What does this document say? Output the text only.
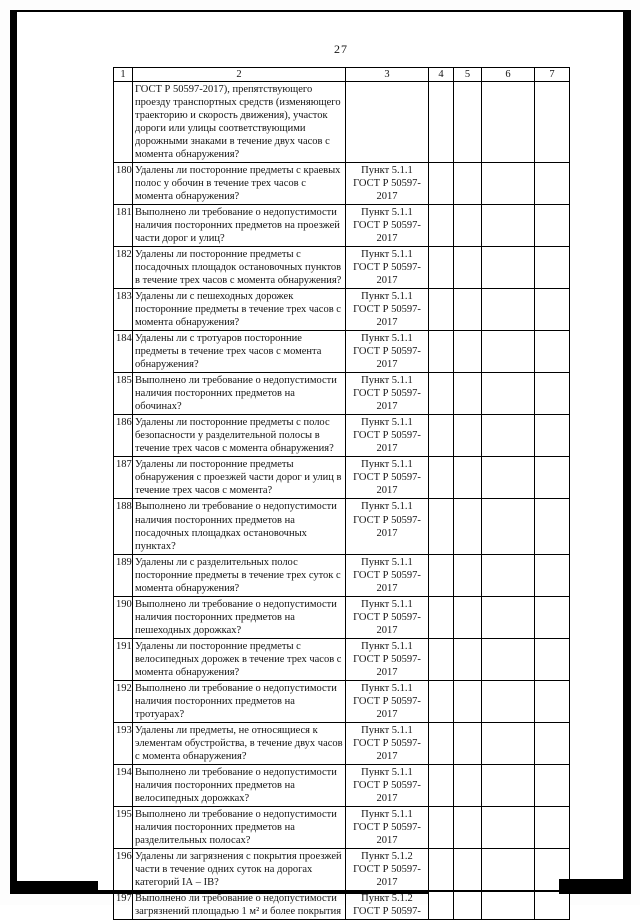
27
1	2	3	4	5	6	7
	ГОСТ Р 50597-2017), препятствующего проезду транспортных средств (изменяющего траекторию и скорость движения), участок дороги или улицы соответствующими дорожными знаками в течение двух часов с момента обнаружения?					
180	Удалены ли посторонние предметы с краевых полос у обочин в течение трех часов с момента обнаружения?	Пункт 5.1.1 ГОСТ Р 50597-2017				
181	Выполнено ли требование о недопустимости наличия посторонних предметов на проезжей части дорог и улиц?	Пункт 5.1.1 ГОСТ Р 50597-2017				
182	Удалены ли посторонние предметы с посадочных площадок остановочных пунктов в течение трех часов с момента обнаружения?	Пункт 5.1.1 ГОСТ Р 50597-2017				
183	Удалены ли с пешеходных дорожек посторонние предметы в течение трех часов с момента обнаружения?	Пункт 5.1.1 ГОСТ Р 50597-2017				
184	Удалены ли с тротуаров посторонние предметы в течение трех часов с момента обнаружения?	Пункт 5.1.1 ГОСТ Р 50597-2017				
185	Выполнено ли требование о недопустимости наличия посторонних предметов на обочинах?	Пункт 5.1.1 ГОСТ Р 50597-2017				
186	Удалены ли посторонние предметы с полос безопасности у разделительной полосы в течение трех часов с момента обнаружения?	Пункт 5.1.1 ГОСТ Р 50597-2017				
187	Удалены ли посторонние предметы обнаружения с проезжей части дорог и улиц в течение трех часов с момента?	Пункт 5.1.1 ГОСТ Р 50597-2017				
188	Выполнено ли требование о недопустимости наличия посторонних предметов на посадочных площадках остановочных пунктах?	Пункт 5.1.1 ГОСТ Р 50597-2017				
189	Удалены ли с разделительных полос посторонние предметы в течение трех суток с момента обнаружения?	Пункт 5.1.1 ГОСТ Р 50597-2017				
190	Выполнено ли требование о недопустимости наличия посторонних предметов на пешеходных дорожках?	Пункт 5.1.1 ГОСТ Р 50597-2017				
191	Удалены ли посторонние предметы с велосипедных дорожек в течение трех часов с момента обнаружения?	Пункт 5.1.1 ГОСТ Р 50597-2017				
192	Выполнено ли требование о недопустимости наличия посторонних предметов на тротуарах?	Пункт 5.1.1 ГОСТ Р 50597-2017				
193	Удалены ли предметы, не относящиеся к элементам обустройства, в течение двух часов с момента обнаружения?	Пункт 5.1.1 ГОСТ Р 50597-2017				
194	Выполнено ли требование о недопустимости наличия посторонних предметов на велосипедных дорожках?	Пункт 5.1.1 ГОСТ Р 50597-2017				
195	Выполнено ли требование о недопустимости наличия посторонних предметов на разделительных полосах?	Пункт 5.1.1 ГОСТ Р 50597-2017				
196	Удалены ли загрязнения с покрытия проезжей части в течение одних суток на дорогах категорий IА – IВ?	Пункт 5.1.2 ГОСТ Р 50597-2017				
197	Выполнено ли требование о недопустимости загрязнений площадью 1 м² и более покрытия	Пункт 5.1.2 ГОСТ Р 50597-				
